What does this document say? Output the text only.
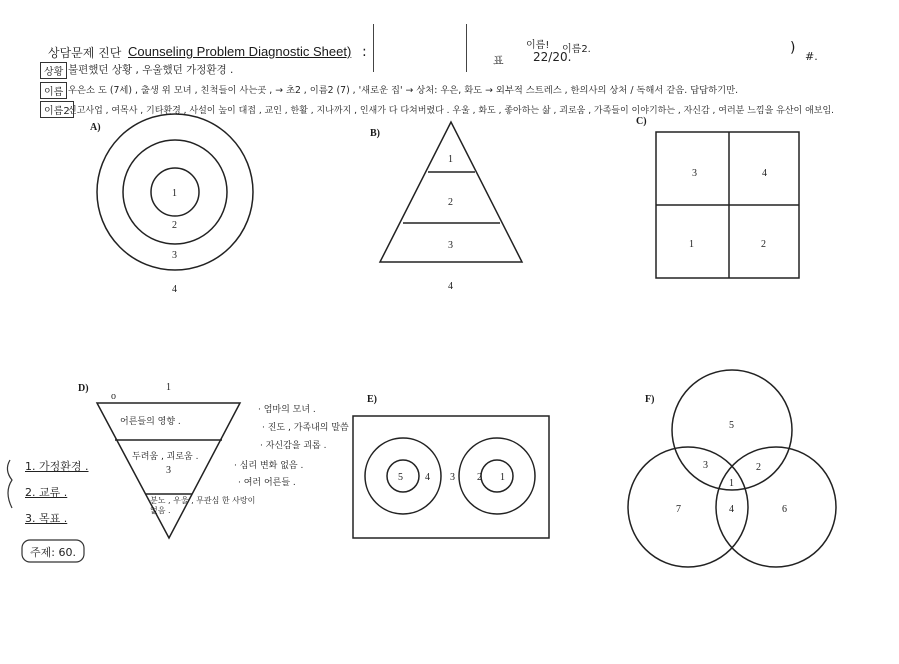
상담문제 진단 Counseling Problem Diagnostic Sheet) :
표
이름!
22/20.
이름2.	)
#.
상황 불편했던 상황 , 우울했던 가정환경 .
이름 우은소 도 (7세) , 출생 위 모녀 , 친척들이 사는곳 , → 초2 , 이름2 (7) , '새로운 집' → 상처: 우은, 화도 → 외부적 스트레스 , 한의사의 상처 / 독해서 같음. 답답하기만.
이름2
신고사업 , 여목사 , 기타환경 , 사설이 높이 대접 , 교인 , 한활 , 지나까지 , 인새가 다 다쳐버렸다 . 우울 , 화도 , 좋아하는 삶 , 괴로움 , 가족들이 이야기하는 , 자신감 , 여러분 느낌을 유산이 애보임.
A)
B)
C)
D)
E)	F)
1
2
3
4
1
2
3
4
3	4
1	2
1
o
3
5 4 3 2 1
5
3	2
1
7	4	6
어른들의 영향 .
두려움 , 괴로움 .
분노 , 우울 , 무관심 한 사랑이 없음 .
· 엄마의 모녀 .
· 진도 , 가족내의 말씀 .
· 자신감을 괴롭 .
· 심리 변화 없음 .
· 여러 어른들 .
1. 가정환경 .
2. 교류 .
3. 목표 .
주제: 60.
